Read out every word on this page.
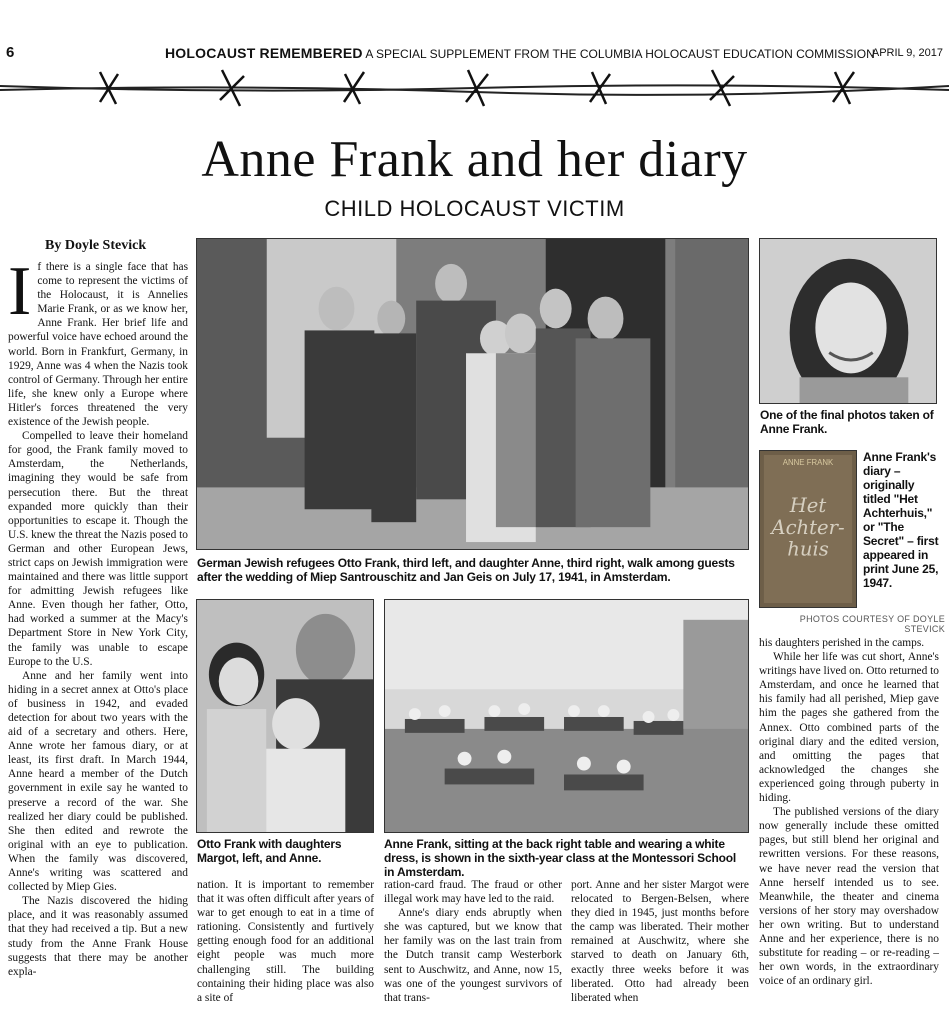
6	HOLOCAUST REMEMBERED A SPECIAL SUPPLEMENT FROM THE COLUMBIA HOLOCAUST EDUCATION COMMISSION
APRIL 9, 2017
Anne Frank and her diary
CHILD HOLOCAUST VICTIM
By Doyle Stevick

If there is a single face that has come to represent the victims of the Holocaust, it is Annelies Marie Frank, or as we know her, Anne Frank. Her brief life and powerful voice have echoed around the world. Born in Frankfurt, Germany, in 1929, Anne was 4 when the Nazis took control of Germany. Through her entire life, she knew only a Europe where Hitler's forces threatened the very existence of the Jewish people.

Compelled to leave their homeland for good, the Frank family moved to Amsterdam, the Netherlands, imagining they would be safe from persecution there. But the threat expanded more quickly than their opportunities to escape it. Though the U.S. knew the threat the Nazis posed to German and other European Jews, strict caps on Jewish immigration were maintained and there was little support for admitting Jewish refugees like Anne. Even though her father, Otto, had worked a summer at the Macy's Department Store in New York City, the family was unable to escape Europe to the U.S.

Anne and her family went into hiding in a secret annex at Otto's place of business in 1942, and evaded detection for about two years with the aid of a secretary and others. Here, Anne wrote her famous diary, or at least, its first draft. In March 1944, Anne heard a member of the Dutch government in exile say he wanted to preserve a record of the war. She realized her diary could be published. She then edited and rewrote the original with an eye to publication. When the family was discovered, Anne's writing was scattered and collected by Miep Gies.

The Nazis discovered the hiding place, and it was reasonably assumed that they had received a tip. But a new study from the Anne Frank House suggests that there may be another expla-

German Jewish refugees Otto Frank, third left, and daughter Anne, third right, walk among guests after the wedding of Miep Santrouschitz and Jan Geis on July 17, 1941, in Amsterdam.
One of the final photos taken of Anne Frank.
ANNE FRANK
Het
Achter-
huis
Anne Frank's diary – originally titled "Het Achterhuis," or "The Secret" – first appeared in print June 25, 1947.
PHOTOS COURTESY OF DOYLE STEVICK
Otto Frank with daughters Margot, left, and Anne.
Anne Frank, sitting at the back right table and wearing a white dress, is shown in the sixth-year class at the Montessori School in Amsterdam.

nation. It is important to remember that it was often difficult after years of war to get enough to eat in a time of rationing. Consistently and furtively getting enough food for an additional eight people was much more challenging still. The building containing their hiding place was also a site of

ration-card fraud. The fraud or other illegal work may have led to the raid.

Anne's diary ends abruptly when she was captured, but we know that her family was on the last train from the Dutch transit camp Westerbork sent to Auschwitz, and Anne, now 15, was one of the youngest survivors of that trans-

port. Anne and her sister Margot were relocated to Bergen-Belsen, where they died in 1945, just months before the camp was liberated. Their mother remained at Auschwitz, where she starved to death on January 6th, exactly three weeks before it was liberated. Otto had already been liberated when

his daughters perished in the camps.

While her life was cut short, Anne's writings have lived on. Otto returned to Amsterdam, and once he learned that his family had all perished, Miep gave him the pages she gathered from the Annex. Otto combined parts of the original diary and the edited version, and omitting the pages that acknowledged the changes she experienced going through puberty in hiding.

The published versions of the diary now generally include these omitted pages, but still blend her original and rewritten versions. For these reasons, we have never read the version that Anne herself intended us to see. Meanwhile, the theater and cinema versions of her story may overshadow her own writing. But to understand Anne and her experience, there is no substitute for reading – or re-reading – her own words, in the extraordinary voice of an ordinary girl.
